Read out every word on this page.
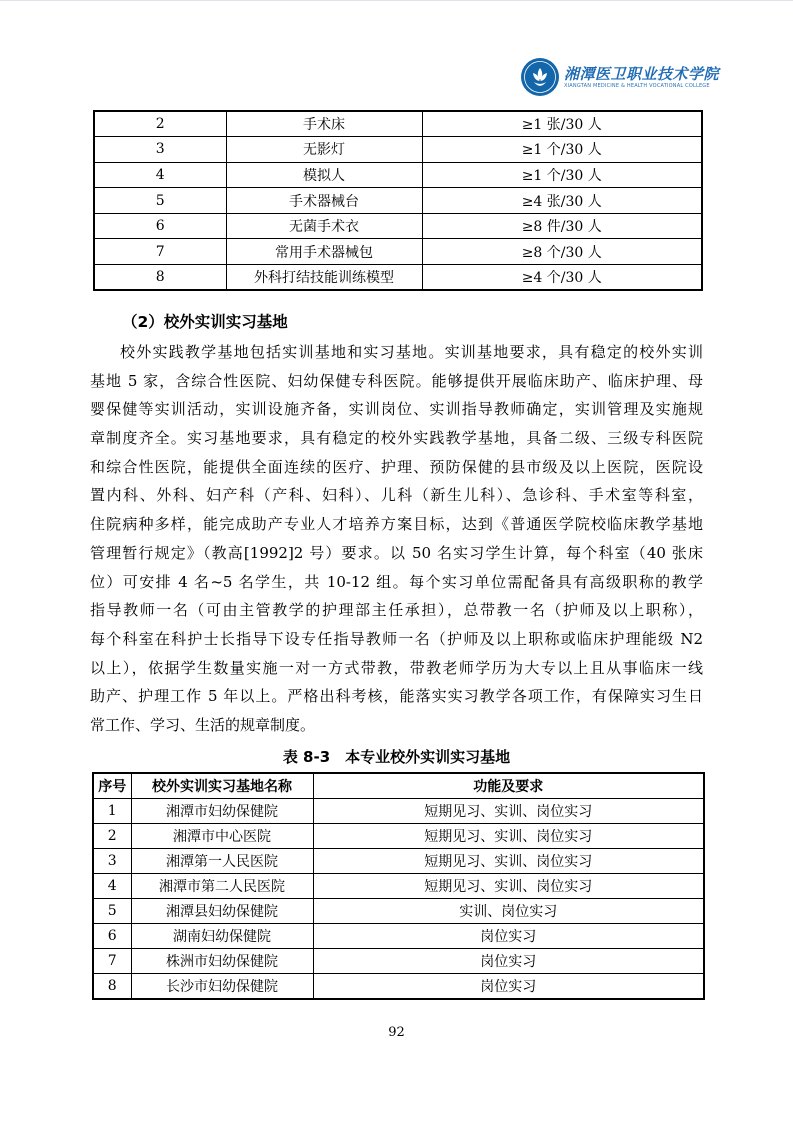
湘潭医卫职业技术学院
XIANGTAN MEDICINE & HEALTH VOCATIONAL COLLEGE
2	手术床	≥1 张/30 人
3	无影灯	≥1 个/30 人
4	模拟人	≥1 个/30 人
5	手术器械台	≥4 张/30 人
6	无菌手术衣	≥8 件/30 人
7	常用手术器械包	≥8 个/30 人
8	外科打结技能训练模型	≥4 个/30 人
（2）校外实训实习基地
校外实践教学基地包括实训基地和实习基地。实训基地要求，具有稳定的校外实训
基地 5 家，含综合性医院、妇幼保健专科医院。能够提供开展临床助产、临床护理、母
婴保健等实训活动，实训设施齐备，实训岗位、实训指导教师确定，实训管理及实施规
章制度齐全。实习基地要求，具有稳定的校外实践教学基地，具备二级、三级专科医院
和综合性医院，能提供全面连续的医疗、护理、预防保健的县市级及以上医院，医院设
置内科、外科、妇产科（产科、妇科）、儿科（新生儿科）、急诊科、手术室等科室，
住院病种多样，能完成助产专业人才培养方案目标，达到《普通医学院校临床教学基地
管理暂行规定》（教高[1992]2 号）要求。以 50 名实习学生计算，每个科室（40 张床
位）可安排 4 名~5 名学生，共 10-12 组。每个实习单位需配备具有高级职称的教学
指导教师一名（可由主管教学的护理部主任承担），总带教一名（护师及以上职称），
每个科室在科护士长指导下设专任指导教师一名（护师及以上职称或临床护理能级 N2
以上），依据学生数量实施一对一方式带教，带教老师学历为大专以上且从事临床一线
助产、护理工作 5 年以上。严格出科考核，能落实实习教学各项工作，有保障实习生日
常工作、学习、生活的规章制度。
表 8-3　本专业校外实训实习基地
序号	校外实训实习基地名称	功能及要求
1	湘潭市妇幼保健院	短期见习、实训、岗位实习
2	湘潭市中心医院	短期见习、实训、岗位实习
3	湘潭第一人民医院	短期见习、实训、岗位实习
4	湘潭市第二人民医院	短期见习、实训、岗位实习
5	湘潭县妇幼保健院	实训、岗位实习
6	湖南妇幼保健院	岗位实习
7	株洲市妇幼保健院	岗位实习
8	长沙市妇幼保健院	岗位实习
92
